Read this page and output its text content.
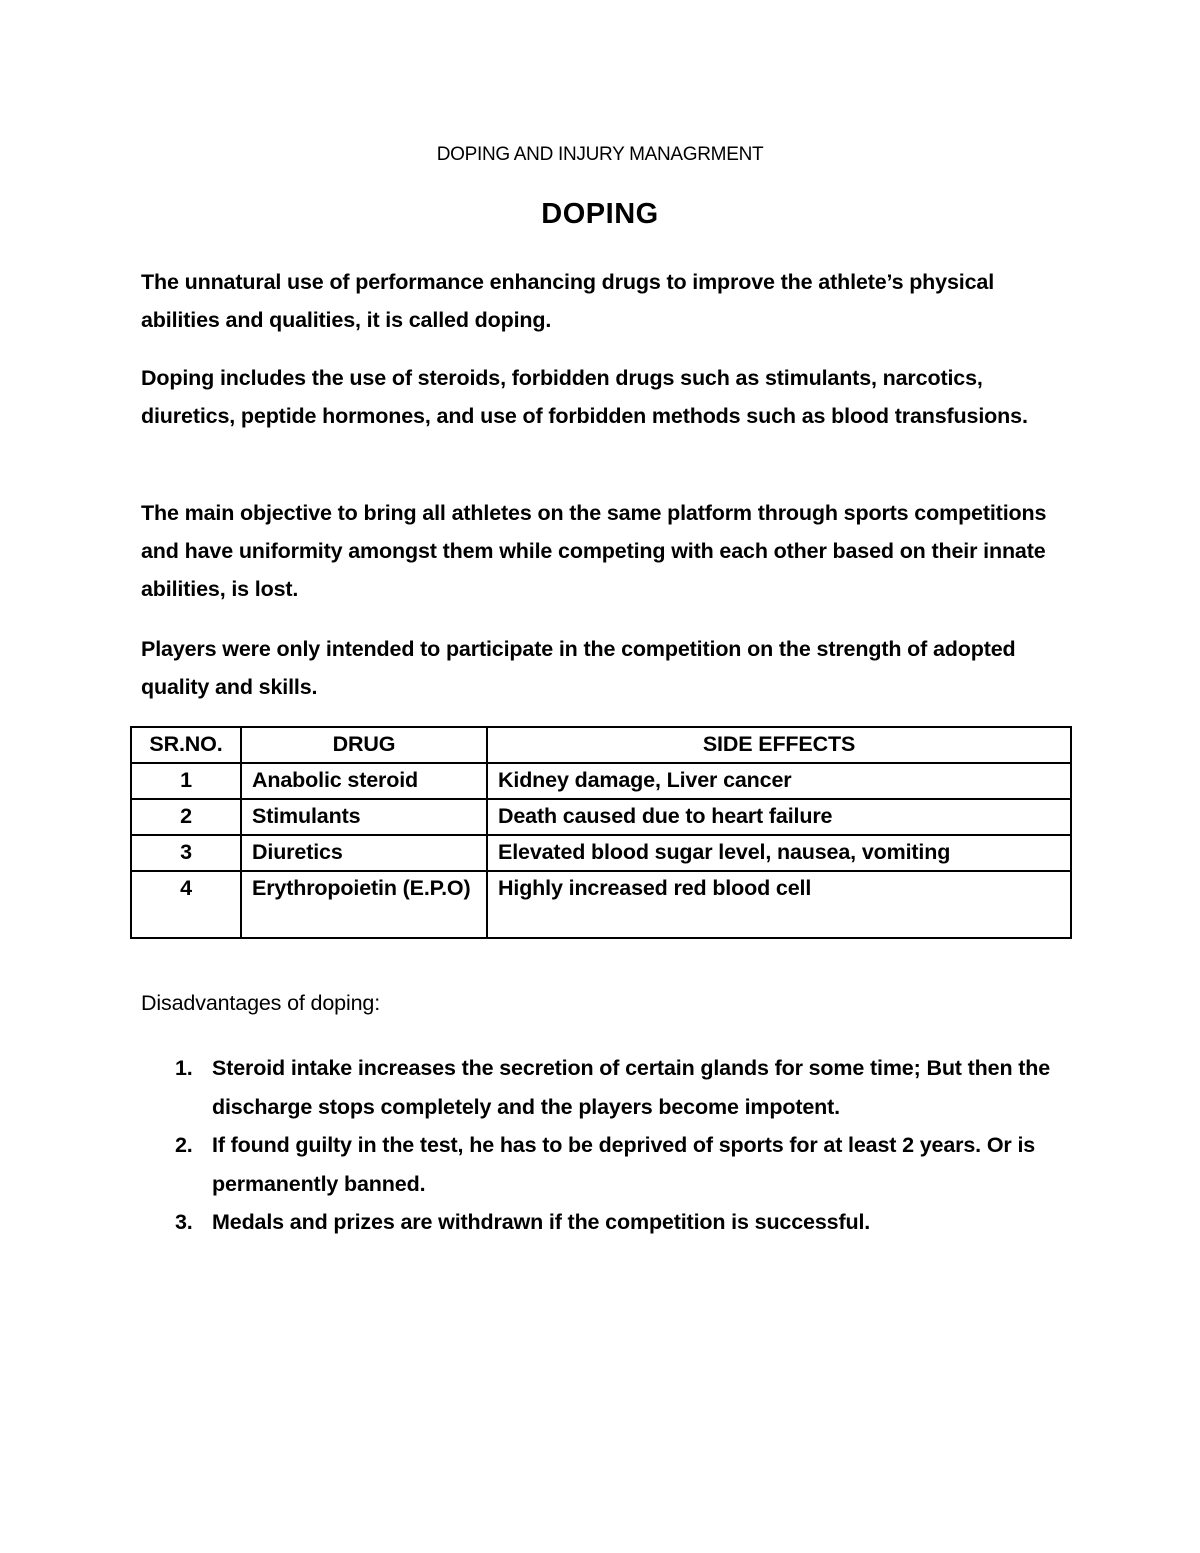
DOPING AND INJURY MANAGRMENT
DOPING

The unnatural use of performance enhancing drugs to improve the athlete’s physical abilities and qualities, it is called doping.

Doping includes the use of steroids, forbidden drugs such as stimulants, narcotics, diuretics, peptide hormones, and use of forbidden methods such as blood transfusions.

The main objective to bring all athletes on the same platform through sports competitions and have uniformity amongst them while competing with each other based on their innate abilities, is lost.

Players were only intended to participate in the competition on the strength of adopted quality and skills.

SR.NO.	DRUG	SIDE EFFECTS
1	Anabolic steroid	Kidney damage, Liver cancer
2	Stimulants	Death caused due to heart failure
3	Diuretics	Elevated blood sugar level, nausea, vomiting
4	Erythropoietin (E.P.O)	Highly increased red blood cell
Disadvantages of doping:
1. Steroid intake increases the secretion of certain glands for some time; But then the discharge stops completely and the players become impotent.
2. If found guilty in the test, he has to be deprived of sports for at least 2 years. Or is permanently banned.
3. Medals and prizes are withdrawn if the competition is successful.
